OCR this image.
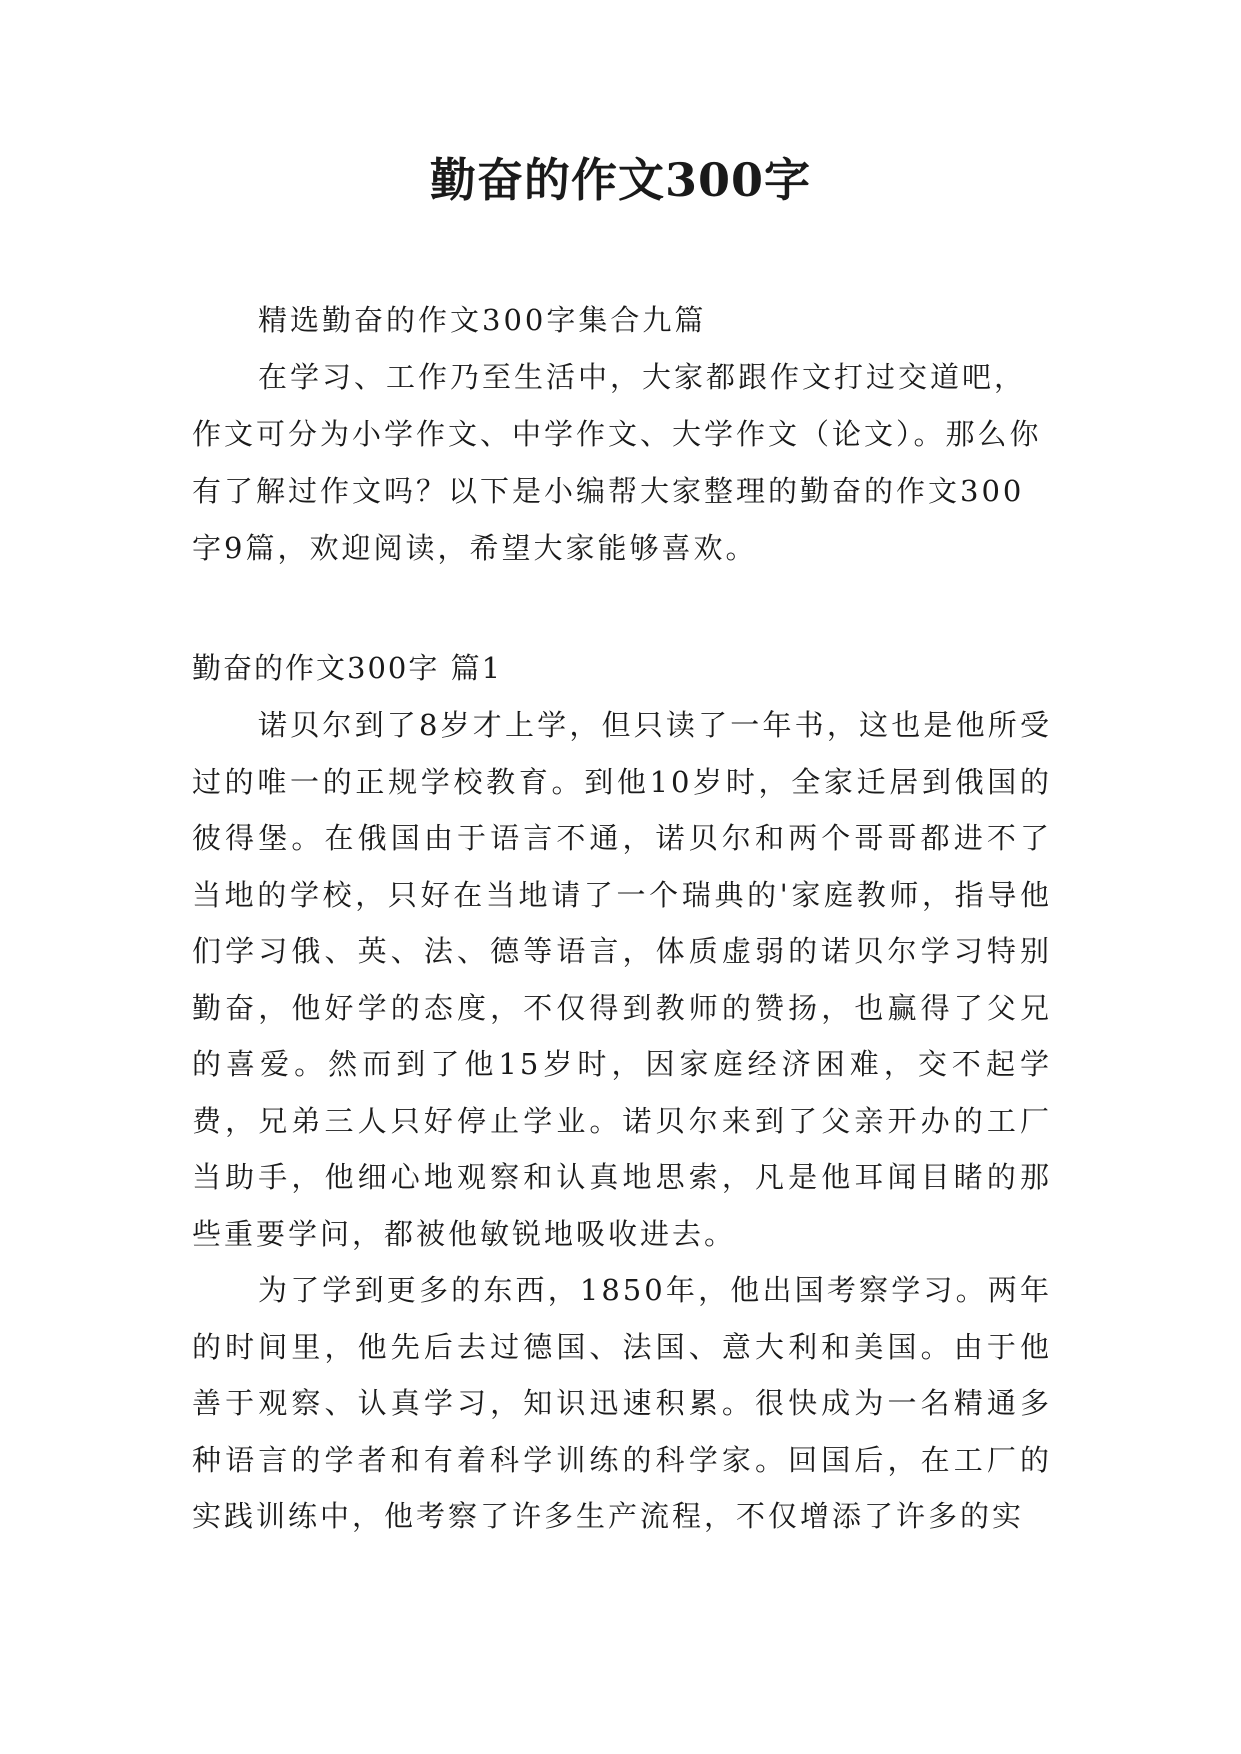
勤奋的作文300字

精选勤奋的作文300字集合九篇

在学习、工作乃至生活中，大家都跟作文打过交道吧，作文可分为小学作文、中学作文、大学作文（论文）。那么你有了解过作文吗？以下是小编帮大家整理的勤奋的作文300字9篇，欢迎阅读，希望大家能够喜欢。

勤奋的作文300字 篇1

诺贝尔到了8岁才上学，但只读了一年书，这也是他所受过的唯一的正规学校教育。到他10岁时，全家迁居到俄国的彼得堡。在俄国由于语言不通，诺贝尔和两个哥哥都进不了当地的学校，只好在当地请了一个瑞典的'家庭教师，指导他们学习俄、英、法、德等语言，体质虚弱的诺贝尔学习特别勤奋，他好学的态度，不仅得到教师的赞扬，也赢得了父兄的喜爱。然而到了他15岁时，因家庭经济困难，交不起学费，兄弟三人只好停止学业。诺贝尔来到了父亲开办的工厂当助手，他细心地观察和认真地思索，凡是他耳闻目睹的那些重要学问，都被他敏锐地吸收进去。

为了学到更多的东西，1850年，他出国考察学习。两年的时间里，他先后去过德国、法国、意大利和美国。由于他善于观察、认真学习，知识迅速积累。很快成为一名精通多种语言的学者和有着科学训练的科学家。回国后，在工厂的实践训练中，他考察了许多生产流程，不仅增添了许多的实
